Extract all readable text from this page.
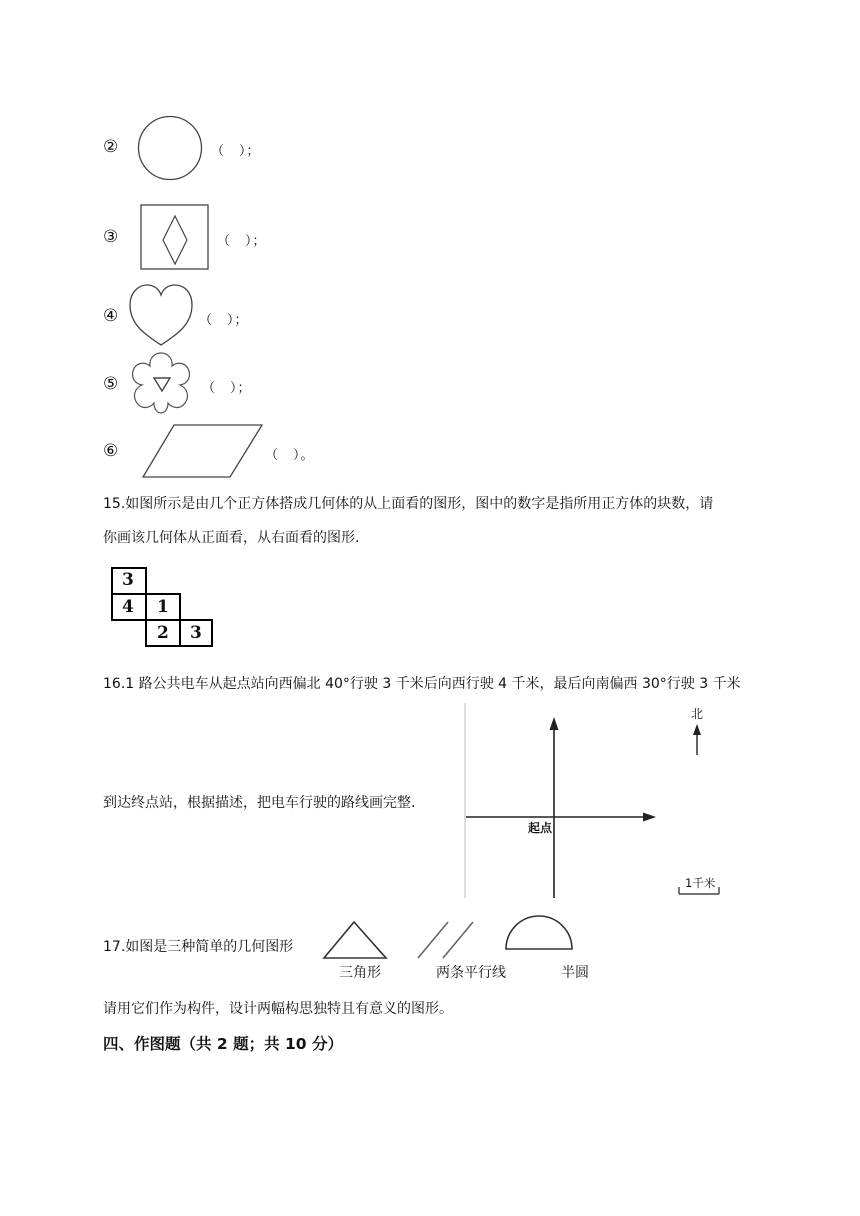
②	（　）；
③	（　）；
④	（　）；
⑤	（　）；
⑥	（　）。
15.如图所示是由几个正方体搭成几何体的从上面看的图形，图中的数字是指所用正方体的块数，请
你画该几何体从正面看，从右面看的图形.
3
4 1
2 3
16.1 路公共电车从起点站向西偏北 40°行驶 3 千米后向西行驶 4 千米，最后向南偏西 30°行驶 3 千米
到达终点站，根据描述，把电车行驶的路线画完整.
北
起点
1千米
17.如图是三种简单的几何图形
三角形	两条平行线	半圆
请用它们作为构件，设计两幅构思独特且有意义的图形。
四、作图题（共 2 题；共 10 分）
